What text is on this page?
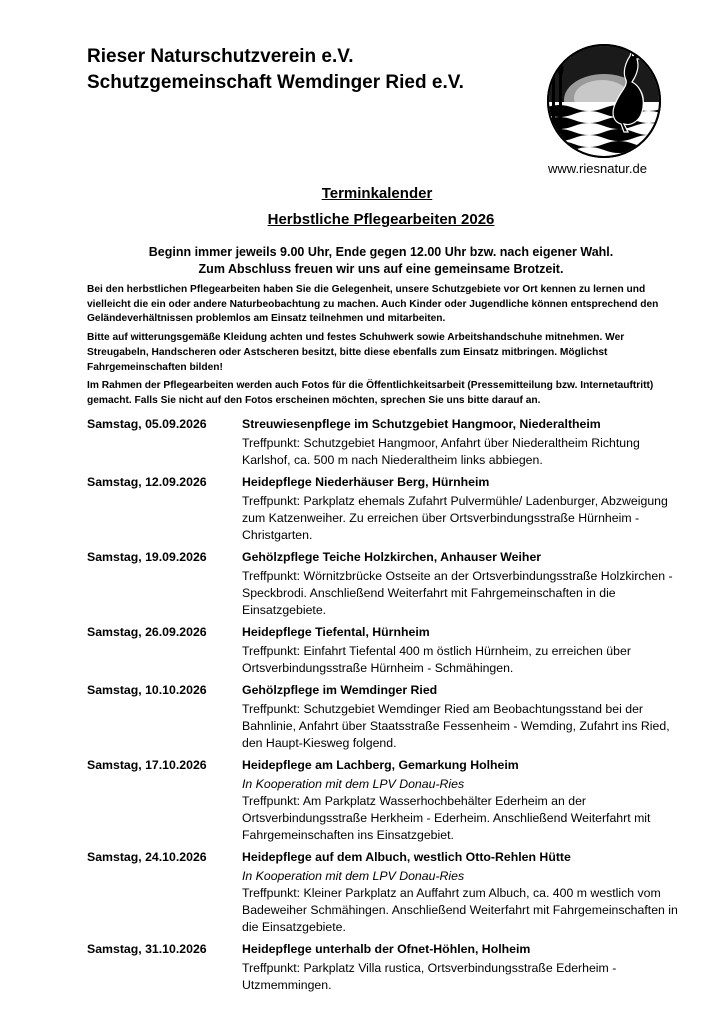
Rieser Naturschutzverein e.V.
Schutzgemeinschaft Wemdinger Ried e.V.
www.riesnatur.de
Terminkalender
Herbstliche Pflegearbeiten 2026
Beginn immer jeweils 9.00 Uhr, Ende gegen 12.00 Uhr bzw. nach eigener Wahl.
Zum Abschluss freuen wir uns auf eine gemeinsame Brotzeit.

Bei den herbstlichen Pflegearbeiten haben Sie die Gelegenheit, unsere Schutzgebiete vor Ort kennen zu lernen und vielleicht die ein oder andere Naturbeobachtung zu machen. Auch Kinder oder Jugendliche können entsprechend den Geländeverhältnissen problemlos am Einsatz teilnehmen und mitarbeiten.

Bitte auf witterungsgemäße Kleidung achten und festes Schuhwerk sowie Arbeitshandschuhe mitnehmen. Wer Streugabeln, Handscheren oder Astscheren besitzt, bitte diese ebenfalls zum Einsatz mitbringen. Möglichst Fahrgemeinschaften bilden!

Im Rahmen der Pflegearbeiten werden auch Fotos für die Öffentlichkeitsarbeit (Pressemitteilung bzw. Internetauftritt) gemacht. Falls Sie nicht auf den Fotos erscheinen möchten, sprechen Sie uns bitte darauf an.

Samstag, 05.09.2026	Streuwiesenpflege im Schutzgebiet Hangmoor, Niederaltheim
Treffpunkt: Schutzgebiet Hangmoor, Anfahrt über Niederaltheim Richtung Karlshof, ca. 500 m nach Niederaltheim links abbiegen.
Samstag, 12.09.2026	Heidepflege Niederhäuser Berg, Hürnheim
Treffpunkt: Parkplatz ehemals Zufahrt Pulvermühle/ Ladenburger, Abzweigung zum Katzenweiher. Zu erreichen über Ortsverbindungsstraße Hürnheim - Christgarten.
Samstag, 19.09.2026	Gehölzpflege Teiche Holzkirchen, Anhauser Weiher
Treffpunkt: Wörnitzbrücke Ostseite an der Ortsverbindungsstraße Holzkirchen - Speckbrodi. Anschließend Weiterfahrt mit Fahrgemeinschaften in die Einsatzgebiete.
Samstag, 26.09.2026	Heidepflege Tiefental, Hürnheim
Treffpunkt: Einfahrt Tiefental 400 m östlich Hürnheim, zu erreichen über Ortsverbindungsstraße Hürnheim - Schmähingen.
Samstag, 10.10.2026	Gehölzpflege im Wemdinger Ried
Treffpunkt: Schutzgebiet Wemdinger Ried am Beobachtungsstand bei der Bahnlinie, Anfahrt über Staatsstraße Fessenheim - Wemding, Zufahrt ins Ried, den Haupt-Kiesweg folgend.
Samstag, 17.10.2026	Heidepflege am Lachberg, Gemarkung Holheim
In Kooperation mit dem LPV Donau-Ries
Treffpunkt: Am Parkplatz Wasserhochbehälter Ederheim an der Ortsverbindungsstraße Herkheim - Ederheim. Anschließend Weiterfahrt mit Fahrgemeinschaften ins Einsatzgebiet.
Samstag, 24.10.2026	Heidepflege auf dem Albuch, westlich Otto-Rehlen Hütte
In Kooperation mit dem LPV Donau-Ries
Treffpunkt: Kleiner Parkplatz an Auffahrt zum Albuch, ca. 400 m westlich vom Badeweiher Schmähingen. Anschließend Weiterfahrt mit Fahrgemeinschaften in die Einsatzgebiete.
Samstag, 31.10.2026	Heidepflege unterhalb der Ofnet-Höhlen, Holheim
Treffpunkt: Parkplatz Villa rustica, Ortsverbindungsstraße Ederheim - Utzmemmingen.
